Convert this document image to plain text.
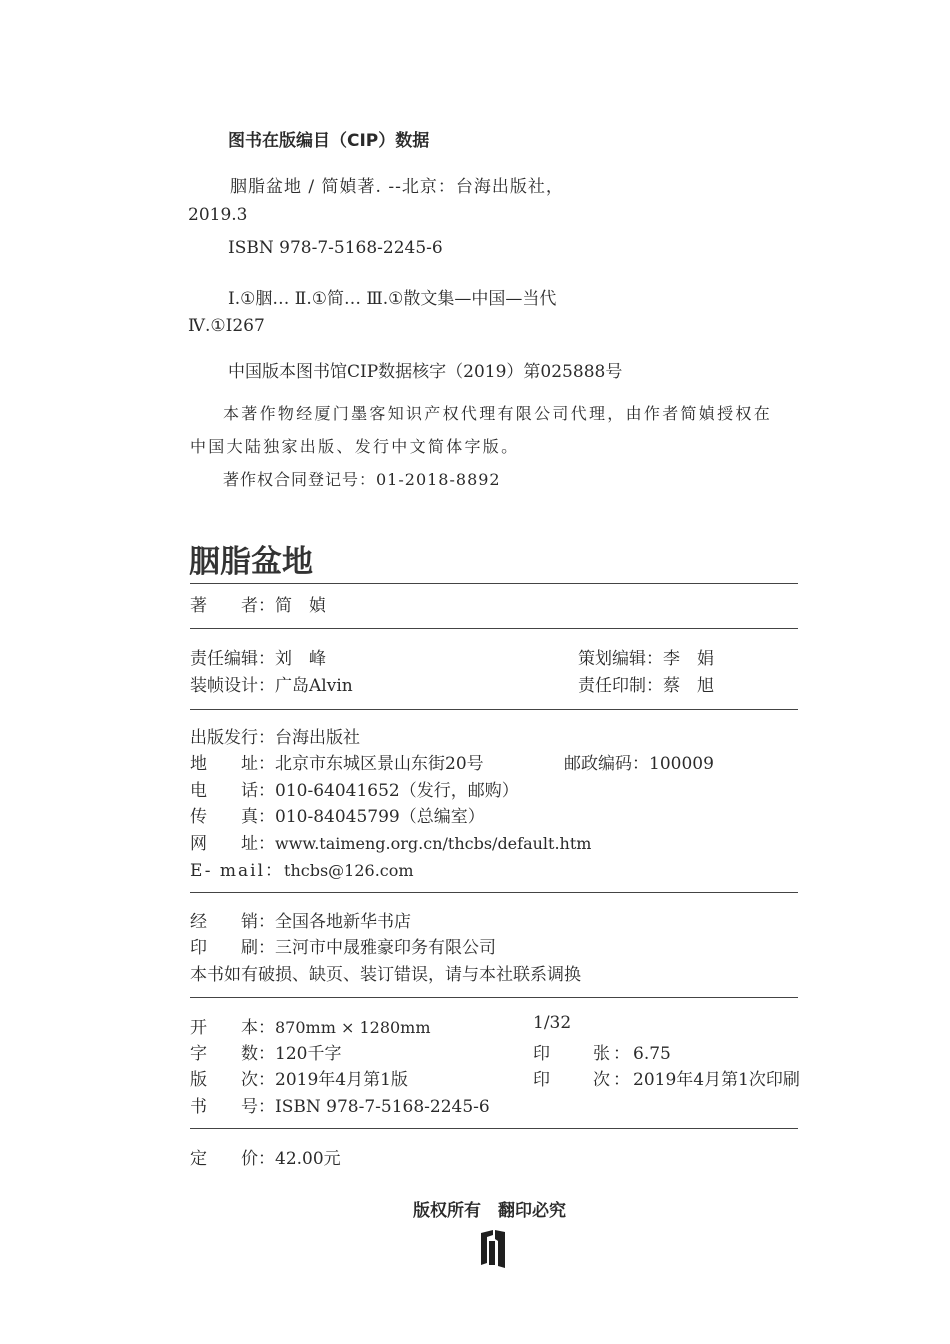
图书在版编目（CIP）数据
胭脂盆地 / 简媜著. --北京：台海出版社，
2019.3
ISBN 978-7-5168-2245-6
Ⅰ.①胭… Ⅱ.①简… Ⅲ.①散文集—中国—当代
Ⅳ.①I267
中国版本图书馆CIP数据核字（2019）第025888号
本著作物经厦门墨客知识产权代理有限公司代理，由作者简媜授权在
中国大陆独家出版、发行中文简体字版。
著作权合同登记号：01-2018-8892
胭脂盆地
著　　者：简　媜
责任编辑：刘　峰	策划编辑：李　娟
装帧设计：广岛Alvin	责任印制：蔡　旭
出版发行：台海出版社
地　　址：北京市东城区景山东街20号	邮政编码：100009
电　　话：010-64041652（发行，邮购）
传　　真：010-84045799（总编室）
网　　址：www.taimeng.org.cn/thcbs/default.htm
E- mail：thcbs@126.com
经　　销：全国各地新华书店
印　　刷：三河市中晟雅豪印务有限公司
本书如有破损、缺页、装订错误，请与本社联系调换
开　　本：870mm × 1280mm	1/32
字　　数：120千字	印　　张：6.75
版　　次：2019年4月第1版	印　　次：2019年4月第1次印刷
书　　号：ISBN 978-7-5168-2245-6
定　　价：42.00元
版权所有　翻印必究
